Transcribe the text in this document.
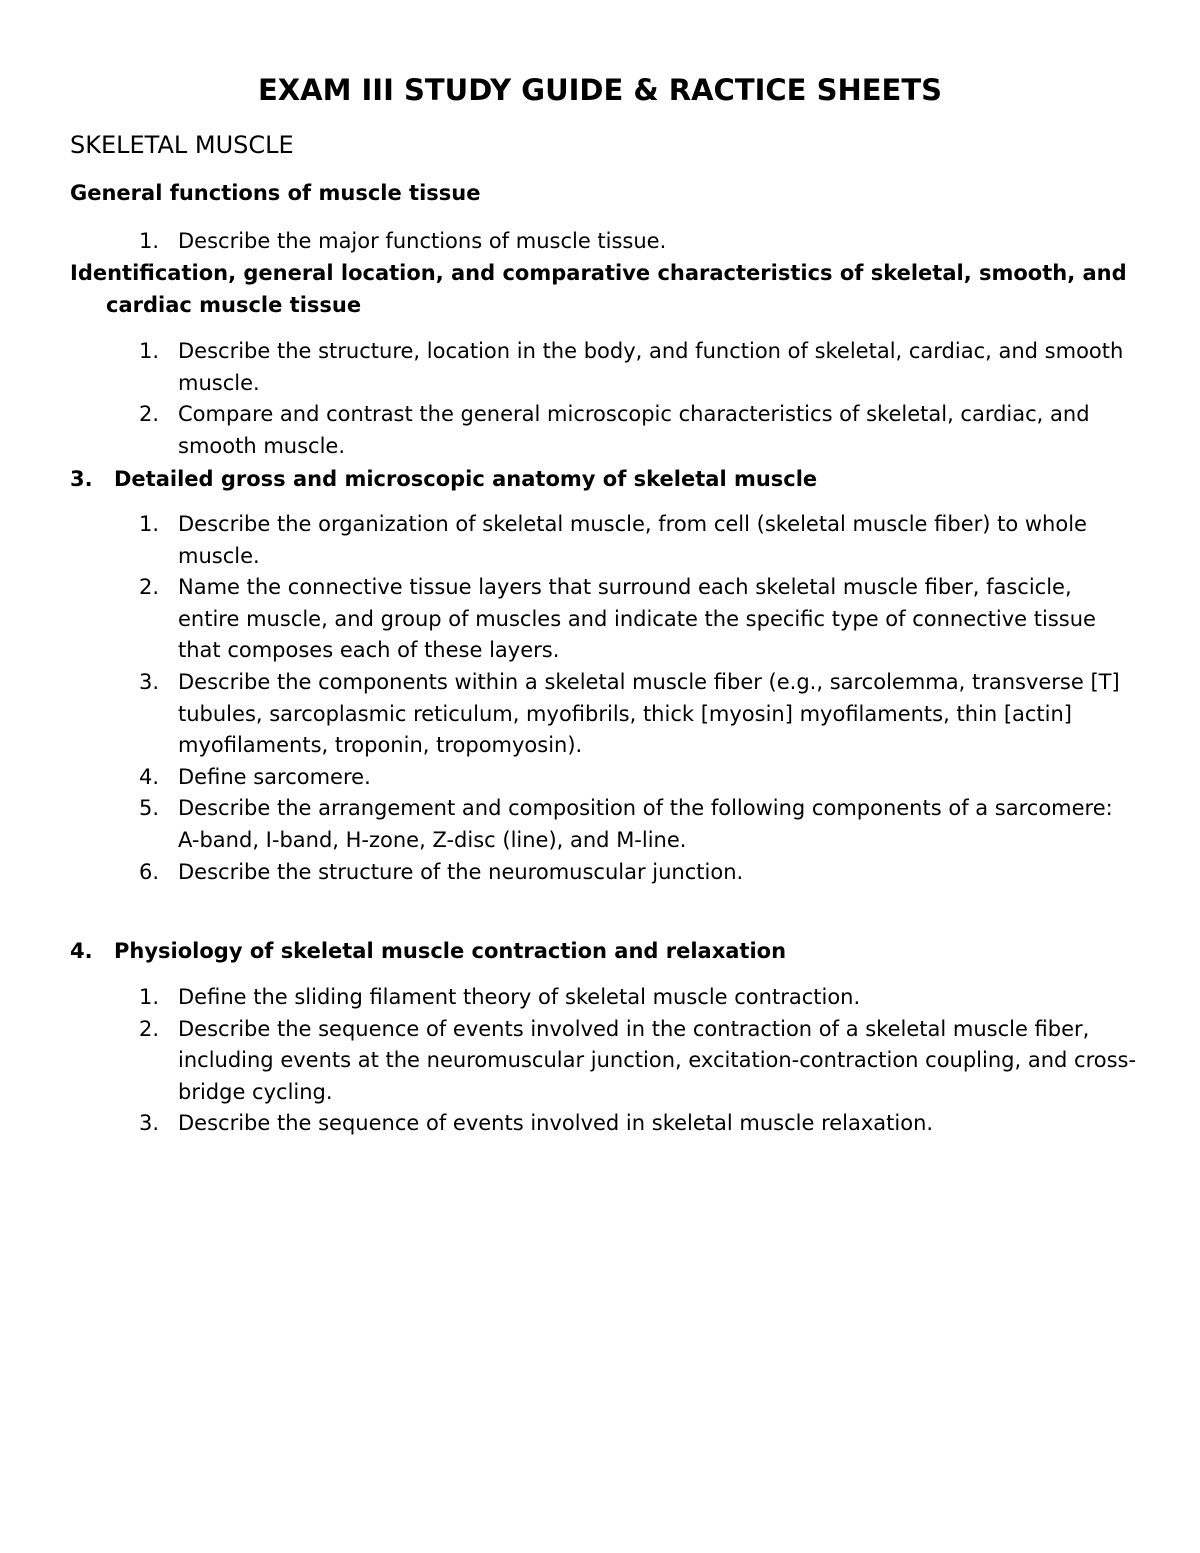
EXAM III STUDY GUIDE & RACTICE SHEETS
SKELETAL MUSCLE
General functions of muscle tissue
1. Describe the major functions of muscle tissue.
Identification, general location, and comparative characteristics of skeletal, smooth, and cardiac muscle tissue
1. Describe the structure, location in the body, and function of skeletal, cardiac, and smooth muscle.
2. Compare and contrast the general microscopic characteristics of skeletal, cardiac, and smooth muscle.
3. Detailed gross and microscopic anatomy of skeletal muscle
1. Describe the organization of skeletal muscle, from cell (skeletal muscle fiber) to whole muscle.
2. Name the connective tissue layers that surround each skeletal muscle fiber, fascicle, entire muscle, and group of muscles and indicate the specific type of connective tissue that composes each of these layers.
3. Describe the components within a skeletal muscle fiber (e.g., sarcolemma, transverse [T] tubules, sarcoplasmic reticulum, myofibrils, thick [myosin] myofilaments, thin [actin] myofilaments, troponin, tropomyosin).
4. Define sarcomere.
5. Describe the arrangement and composition of the following components of a sarcomere: A-band, I-band, H-zone, Z-disc (line), and M-line.
6. Describe the structure of the neuromuscular junction.
4. Physiology of skeletal muscle contraction and relaxation
1. Define the sliding filament theory of skeletal muscle contraction.
2. Describe the sequence of events involved in the contraction of a skeletal muscle fiber, including events at the neuromuscular junction, excitation-contraction coupling, and cross-bridge cycling.
3. Describe the sequence of events involved in skeletal muscle relaxation.
